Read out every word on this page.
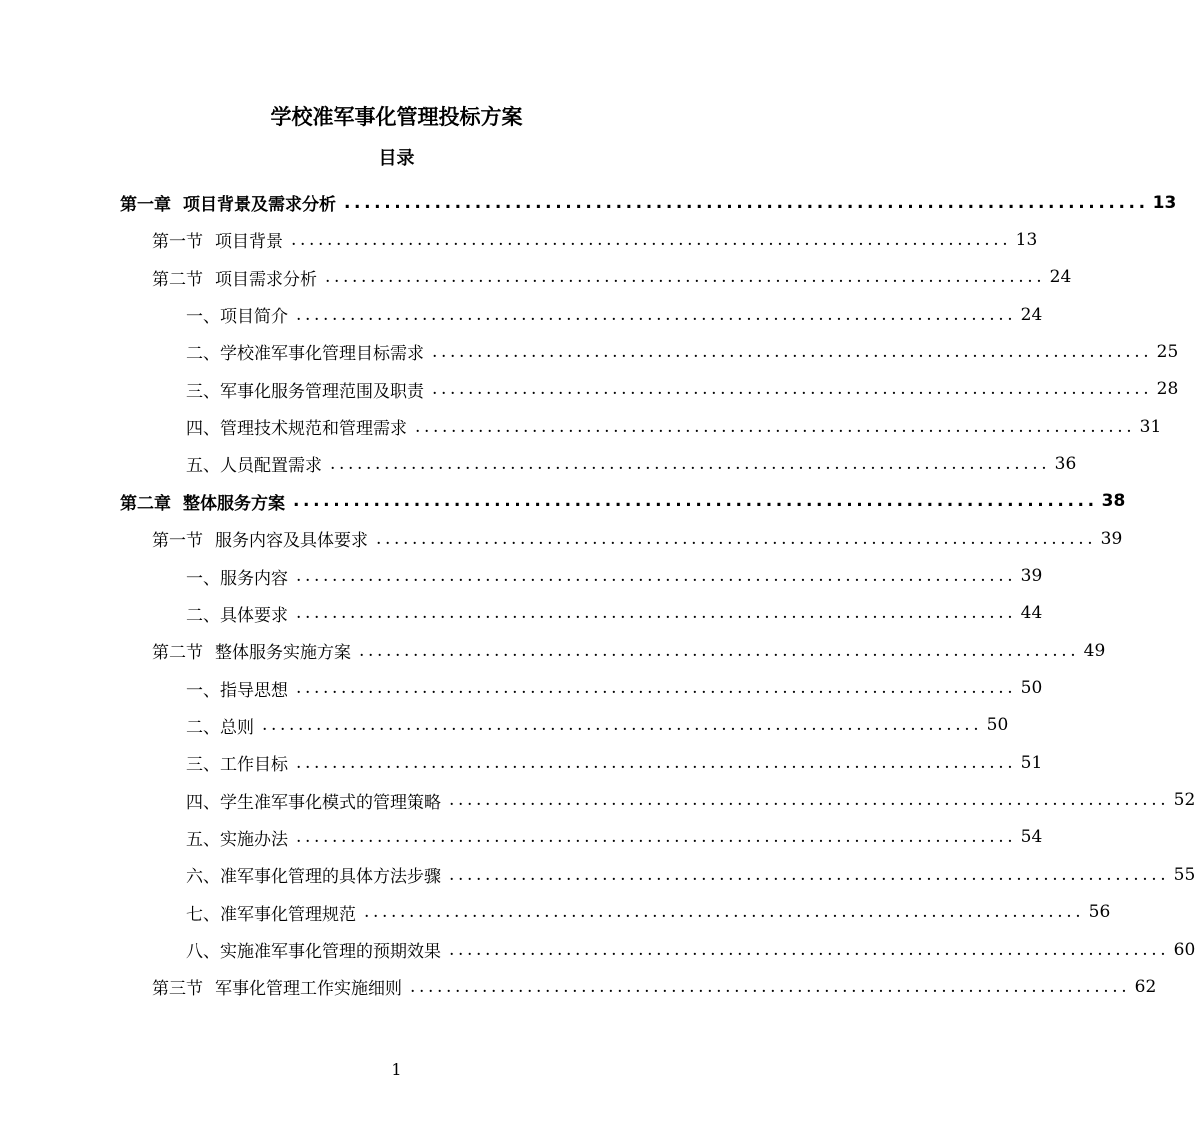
学校准军事化管理投标方案
目录
第一章 项目背景及需求分析 ................................................................................ 13
第一节 项目背景 ................................................................................ 13
第二节 项目需求分析 ................................................................................ 24
一、项目简介 ................................................................................ 24
二、学校准军事化管理目标需求 ................................................................................ 25
三、军事化服务管理范围及职责 ................................................................................ 28
四、管理技术规范和管理需求 ................................................................................ 31
五、人员配置需求 ................................................................................ 36
第二章 整体服务方案 ................................................................................ 38
第一节 服务内容及具体要求 ................................................................................ 39
一、服务内容 ................................................................................ 39
二、具体要求 ................................................................................ 44
第二节 整体服务实施方案 ................................................................................ 49
一、指导思想 ................................................................................ 50
二、总则 ................................................................................ 50
三、工作目标 ................................................................................ 51
四、学生准军事化模式的管理策略 ................................................................................ 52
五、实施办法 ................................................................................ 54
六、准军事化管理的具体方法步骤 ................................................................................ 55
七、准军事化管理规范 ................................................................................ 56
八、实施准军事化管理的预期效果 ................................................................................ 60
第三节 军事化管理工作实施细则 ................................................................................ 62
1
